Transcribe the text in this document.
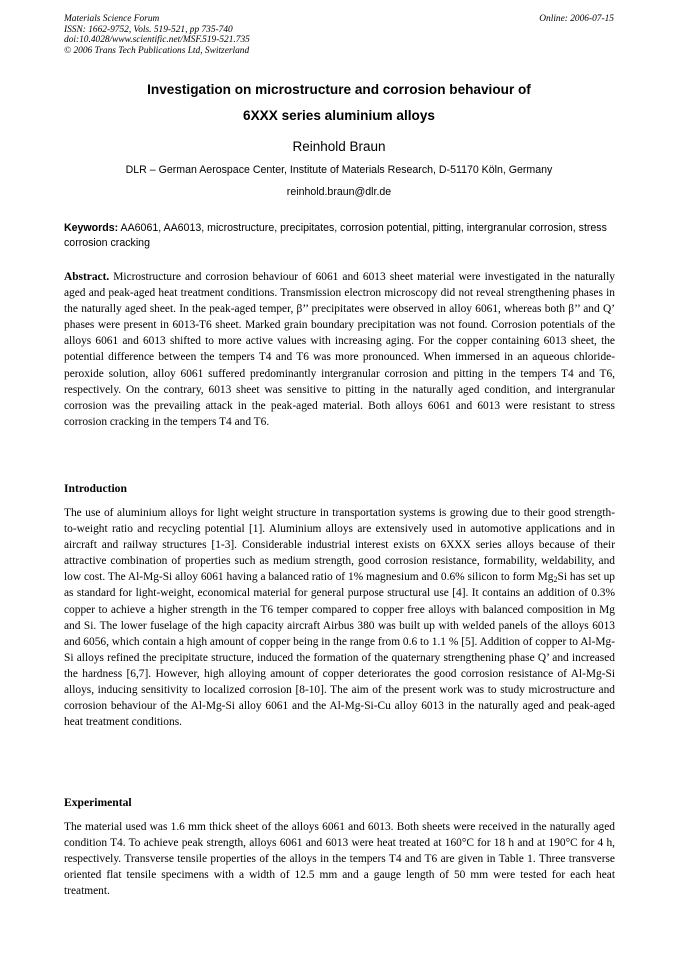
Materials Science Forum
ISSN: 1662-9752, Vols. 519-521, pp 735-740
doi:10.4028/www.scientific.net/MSF.519-521.735
© 2006 Trans Tech Publications Ltd, Switzerland
Online: 2006-07-15
Investigation on microstructure and corrosion behaviour of
6XXX series aluminium alloys
Reinhold Braun
DLR – German Aerospace Center, Institute of Materials Research, D-51170 Köln, Germany
reinhold.braun@dlr.de
Keywords: AA6061, AA6013, microstructure, precipitates, corrosion potential, pitting, intergranular corrosion, stress corrosion cracking
Abstract. Microstructure and corrosion behaviour of 6061 and 6013 sheet material were investigated in the naturally aged and peak-aged heat treatment conditions. Transmission electron microscopy did not reveal strengthening phases in the naturally aged sheet. In the peak-aged temper, β’’ precipitates were observed in alloy 6061, whereas both β’’ and Q’ phases were present in 6013-T6 sheet. Marked grain boundary precipitation was not found. Corrosion potentials of the alloys 6061 and 6013 shifted to more active values with increasing aging. For the copper containing 6013 sheet, the potential difference between the tempers T4 and T6 was more pronounced. When immersed in an aqueous chloride-peroxide solution, alloy 6061 suffered predominantly intergranular corrosion and pitting in the tempers T4 and T6, respectively. On the contrary, 6013 sheet was sensitive to pitting in the naturally aged condition, and intergranular corrosion was the prevailing attack in the peak-aged material. Both alloys 6061 and 6013 were resistant to stress corrosion cracking in the tempers T4 and T6.
Introduction
The use of aluminium alloys for light weight structure in transportation systems is growing due to their good strength-to-weight ratio and recycling potential [1]. Aluminium alloys are extensively used in automotive applications and in aircraft and railway structures [1-3]. Considerable industrial interest exists on 6XXX series alloys because of their attractive combination of properties such as medium strength, good corrosion resistance, formability, weldability, and low cost. The Al-Mg-Si alloy 6061 having a balanced ratio of 1% magnesium and 0.6% silicon to form $Mg_2Si$ has set up as standard for light-weight, economical material for general purpose structural use [4]. It contains an addition of 0.3% copper to achieve a higher strength in the T6 temper compared to copper free alloys with balanced composition in Mg and Si. The lower fuselage of the high capacity aircraft Airbus 380 was built up with welded panels of the alloys 6013 and 6056, which contain a high amount of copper being in the range from 0.6 to 1.1 % [5]. Addition of copper to Al-Mg-Si alloys refined the precipitate structure, induced the formation of the quaternary strengthening phase Q’ and increased the hardness [6,7]. However, high alloying amount of copper deteriorates the good corrosion resistance of Al-Mg-Si alloys, inducing sensitivity to localized corrosion [8-10]. The aim of the present work was to study microstructure and corrosion behaviour of the Al-Mg-Si alloy 6061 and the Al-Mg-Si-Cu alloy 6013 in the naturally aged and peak-aged heat treatment conditions.
Experimental
The material used was 1.6 mm thick sheet of the alloys 6061 and 6013. Both sheets were received in the naturally aged condition T4. To achieve peak strength, alloys 6061 and 6013 were heat treated at 160°C for 18 h and at 190°C for 4 h, respectively. Transverse tensile properties of the alloys in the tempers T4 and T6 are given in Table 1. Three transverse oriented flat tensile specimens with a width of 12.5 mm and a gauge length of 50 mm were tested for each heat treatment.
